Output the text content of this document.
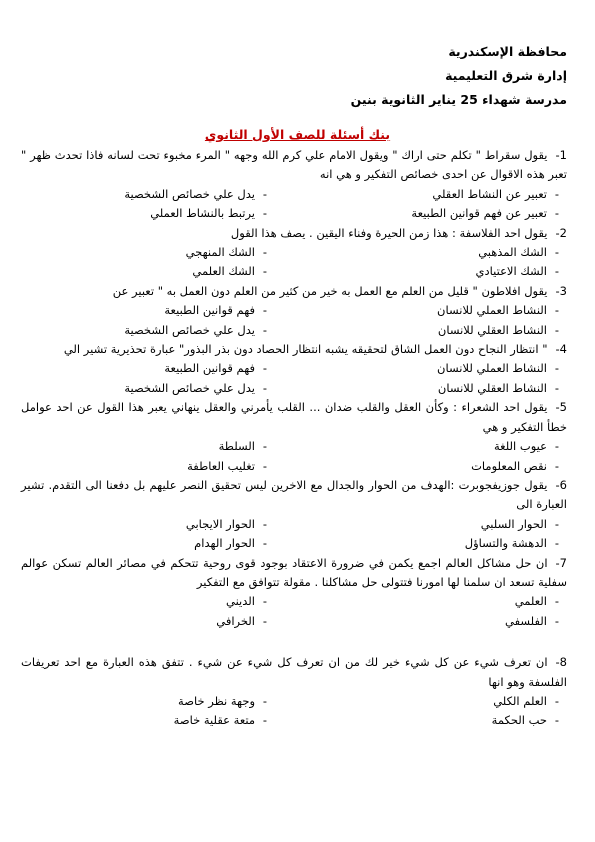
محافظة الإسكندرية
إدارة شرق التعليمية
مدرسة شهداء 25 يناير الثانوية بنين
بنك أسئلة للصف الأول الثانوي

1-يقول سقراط " تكلم حتى اراك " ويقول الامام علي كرم الله وجهه " المرء مخبوء تحت لسانه فاذا تحدث ظهر " تعبر هذه الاقوال عن احدى خصائص التفكير و هي انه

-
تعبير عن النشاط العقلي
-
يدل علي خصائص الشخصية
-
تعبير عن فهم قوانين الطبيعة
-
يرتبط بالنشاط العملي

2-يقول احد الفلاسفة : هذا زمن الحيرة وفناء اليقين . يصف هذا القول

-
الشك المذهبي
-
الشك المنهجي
-
الشك الاعتيادي
-
الشك العلمي

3-يقول افلاطون " قليل من العلم مع العمل به خير من كثير من العلم دون العمل به " تعبير عن

-
النشاط العملي للانسان
-
فهم قوانين الطبيعة
-
النشاط العقلي للانسان
-
يدل علي خصائص الشخصية

4-" انتظار النجاح دون العمل الشاق لتحقيقه يشبه انتظار الحصاد دون بذر البذور" عبارة تحذيرية تشير الي

-
النشاط العملي للانسان
-
فهم قوانين الطبيعة
-
النشاط العقلي للانسان
-
يدل علي خصائص الشخصية

5-يقول احد الشعراء : وكأن العقل والقلب ضدان ... القلب يأمرني والعقل ينهاني يعبر هذا القول عن احد عوامل خطأ التفكير و هي

-
عيوب اللغة
-
السلطة
-
نقص المعلومات
-
تغليب العاطفة

6-يقول جوزيفجوبرت :الهدف من الحوار والجدال مع الاخرين ليس تحقيق النصر عليهم بل دفعنا الى التقدم. تشير العبارة الى

-
الحوار السلبي
-
الحوار الايجابي
-
الدهشة والتساؤل
-
الحوار الهدام

7-ان حل مشاكل العالم اجمع يكمن في ضرورة الاعتقاد بوجود قوى روحية تتحكم في مصائر العالم تسكن عوالم سفلية تسعد ان سلمنا لها امورنا فتتولى حل مشاكلنا . مقولة تتوافق مع التفكير

-
العلمي
-
الديني
-
الفلسفي
-
الخرافي

8-ان تعرف شيء عن كل شيء خير لك من ان تعرف كل شيء عن شيء . تتفق هذه العبارة مع احد تعريفات الفلسفة وهو انها

-
العلم الكلي
-
وجهة نظر خاصة
-
حب الحكمة
-
متعة عقلية خاصة
